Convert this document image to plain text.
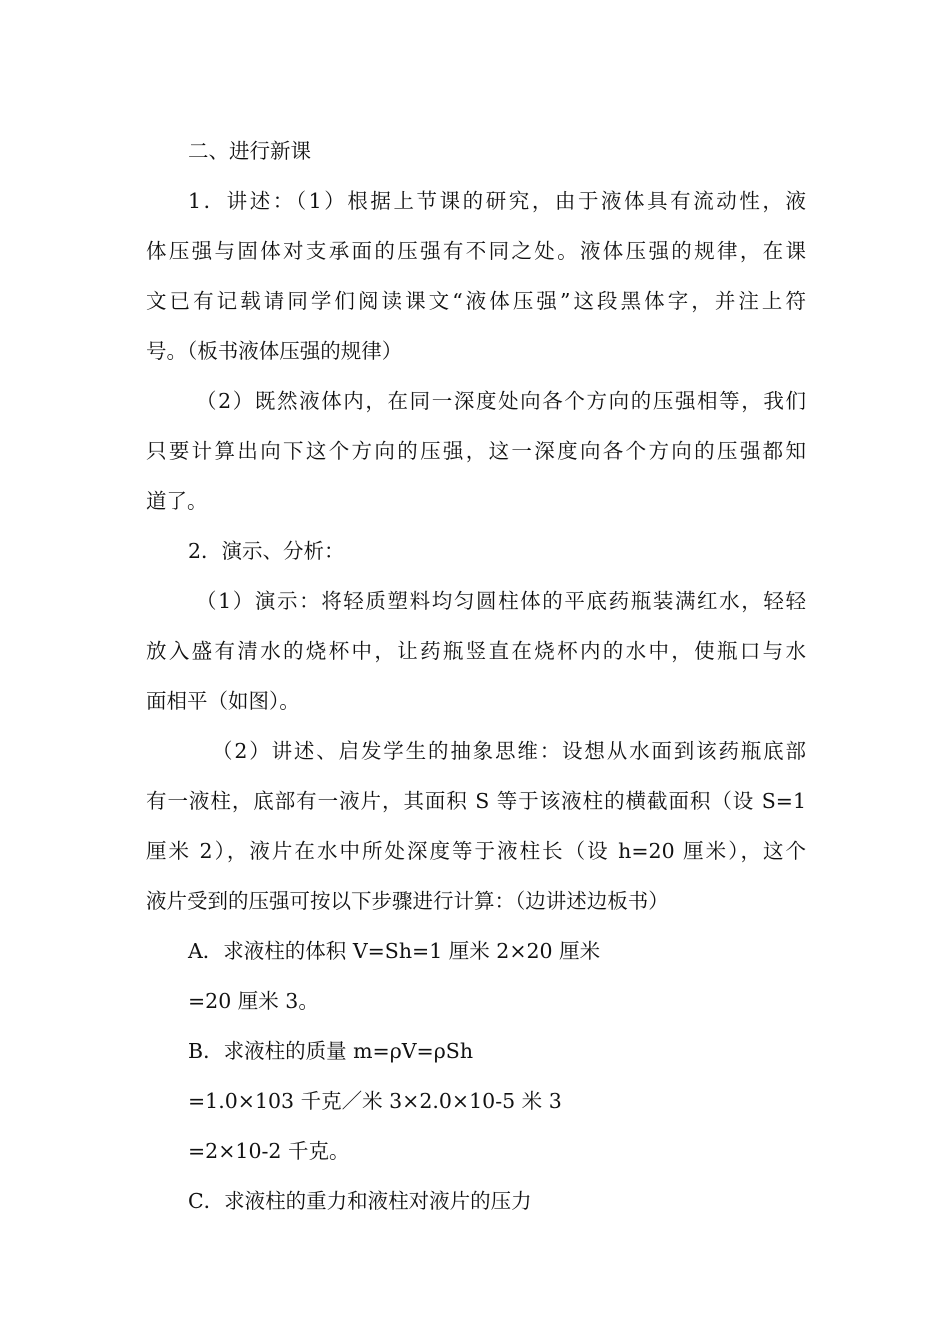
二、进行新课
1．讲述：（1）根据上节课的研究，由于液体具有流动性，液
体压强与固体对支承面的压强有不同之处。液体压强的规律，在课
文已有记载请同学们阅读课文“液体压强”这段黑体字，并注上符
号。（板书液体压强的规律）
（2）既然液体内，在同一深度处向各个方向的压强相等，我们
只要计算出向下这个方向的压强，这一深度向各个方向的压强都知
道了。
2．演示、分析：
（1）演示：将轻质塑料均匀圆柱体的平底药瓶装满红水，轻轻
放入盛有清水的烧杯中，让药瓶竖直在烧杯内的水中，使瓶口与水
面相平（如图）。
（2）讲述、启发学生的抽象思维：设想从水面到该药瓶底部
有一液柱，底部有一液片，其面积 S 等于该液柱的横截面积（设 S=1
厘米 2），液片在水中所处深度等于液柱长（设 h=20 厘米），这个
液片受到的压强可按以下步骤进行计算：（边讲述边板书）
A．求液柱的体积 V=Sh=1 厘米 2×20 厘米
=20 厘米 3。
B．求液柱的质量 m=ρV=ρSh
=1.0×103 千克／米 3×2.0×10-5 米 3
=2×10-2 千克。
C．求液柱的重力和液柱对液片的压力
